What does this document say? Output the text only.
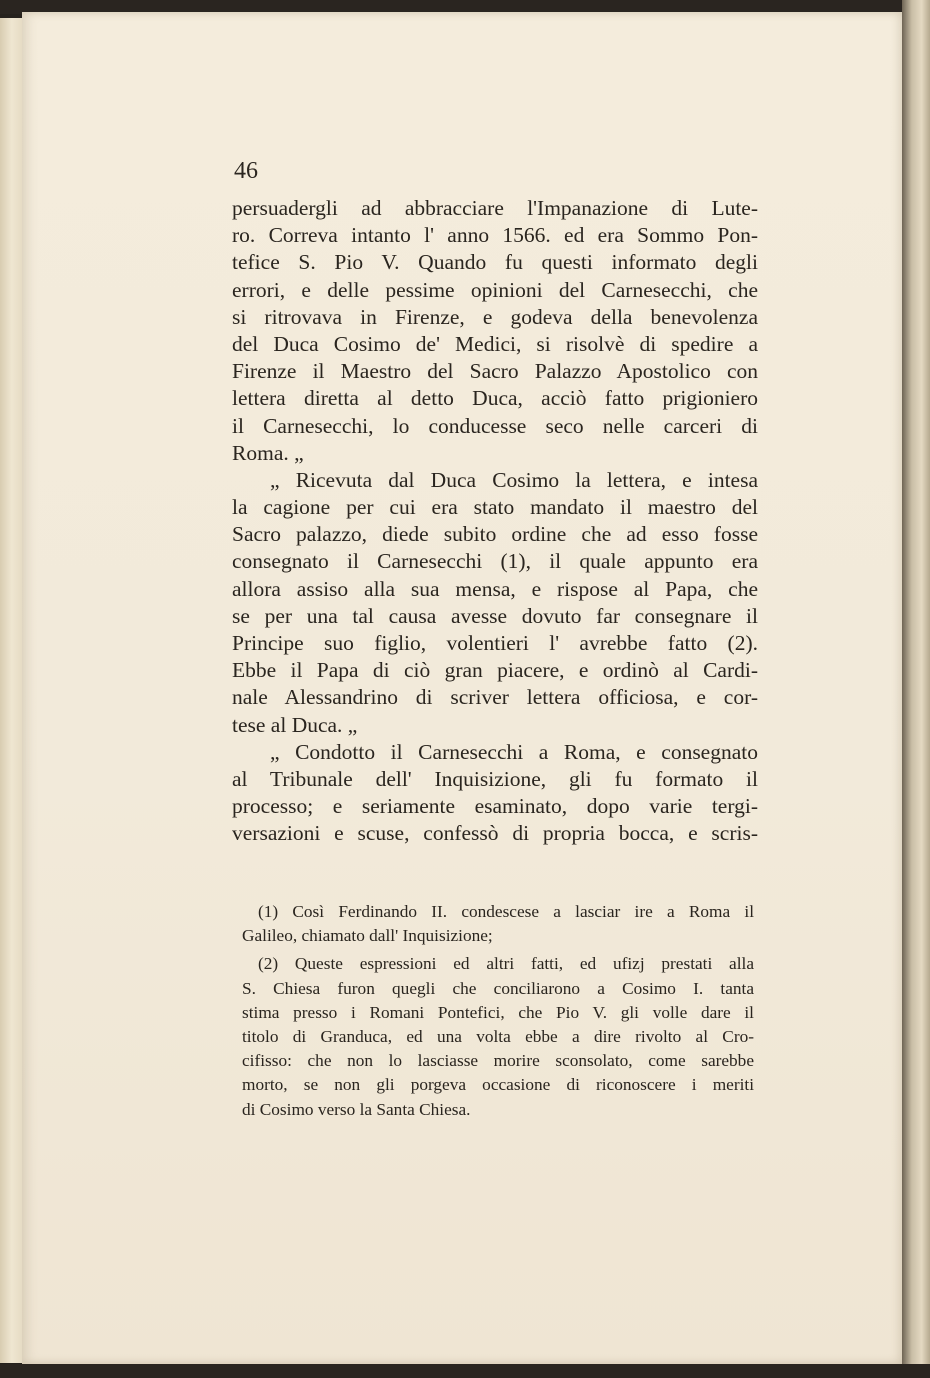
46
persuadergli ad abbracciare l'Impanazione di Lute-
ro. Correva intanto l' anno 1566. ed era Sommo Pon-
tefice S. Pio V. Quando fu questi informato degli
errori, e delle pessime opinioni del Carnesecchi, che
si ritrovava in Firenze, e godeva della benevolenza
del Duca Cosimo de' Medici, si risolvè di spedire a
Firenze il Maestro del Sacro Palazzo Apostolico con
lettera diretta al detto Duca, acciò fatto prigioniero
il Carnesecchi, lo conducesse seco nelle carceri di
Roma. „
„ Ricevuta dal Duca Cosimo la lettera, e intesa
la cagione per cui era stato mandato il maestro del
Sacro palazzo, diede subito ordine che ad esso fosse
consegnato il Carnesecchi (1), il quale appunto era
allora assiso alla sua mensa, e rispose al Papa, che
se per una tal causa avesse dovuto far consegnare il
Principe suo figlio, volentieri l' avrebbe fatto (2).
Ebbe il Papa di ciò gran piacere, e ordinò al Cardi-
nale Alessandrino di scriver lettera officiosa, e cor-
tese al Duca. „
„ Condotto il Carnesecchi a Roma, e consegnato
al Tribunale dell' Inquisizione, gli fu formato il
processo; e seriamente esaminato, dopo varie tergi-
versazioni e scuse, confessò di propria bocca, e scris-
(1) Così Ferdinando II. condescese a lasciar ire a Roma il
Galileo, chiamato dall' Inquisizione;
(2) Queste espressioni ed altri fatti, ed ufizj prestati alla
S. Chiesa furon quegli che conciliarono a Cosimo I. tanta
stima presso i Romani Pontefici, che Pio V. gli volle dare il
titolo di Granduca, ed una volta ebbe a dire rivolto al Cro-
cifisso: che non lo lasciasse morire sconsolato, come sarebbe
morto, se non gli porgeva occasione di riconoscere i meriti
di Cosimo verso la Santa Chiesa.
